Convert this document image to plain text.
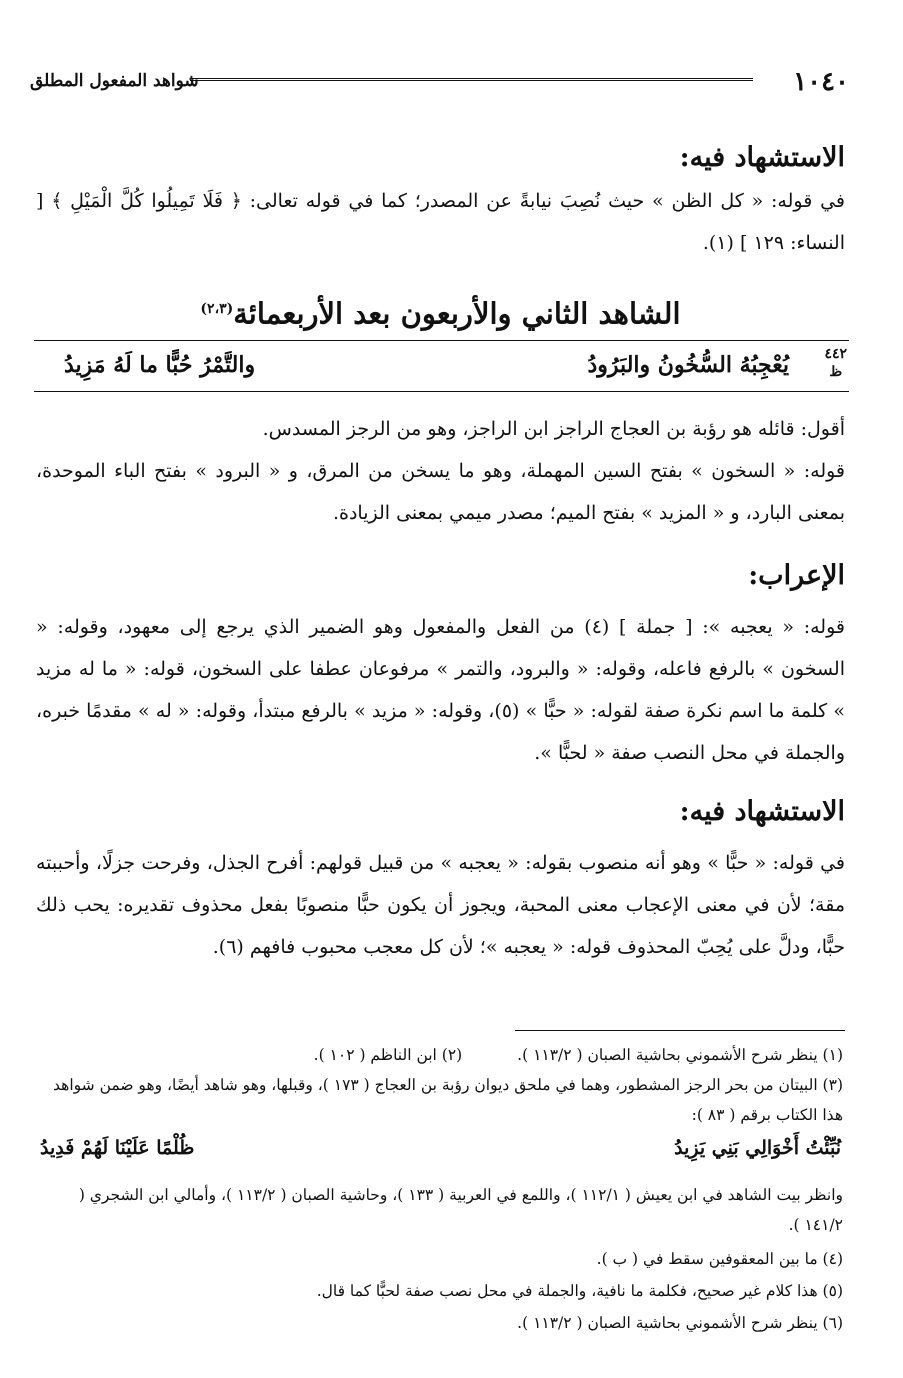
١٠٤٠
شواهد المفعول المطلق
الاستشهاد فيه:
في قوله: « كل الظن » حيث نُصِبَ نيابةً عن المصدر؛ كما في قوله تعالى: ﴿ فَلَا تَمِيلُوا كُلَّ الْمَيْلِ ﴾ [ النساء: ١٢٩ ] (١).
الشاهد الثاني والأربعون بعد الأربعمائة$^{(٢،٣)}$
٤٤٢
ظ
يُعْجِبُهُ السُّخُونُ والبَرُودُ
والتَّمْرُ حُبًّا ما لَهُ مَزِيدُ
أقول: قائله هو رؤبة بن العجاج الراجز ابن الراجز، وهو من الرجز المسدس.
قوله: « السخون » بفتح السين المهملة، وهو ما يسخن من المرق، و « البرود » بفتح الباء الموحدة، بمعنى البارد، و « المزيد » بفتح الميم؛ مصدر ميمي بمعنى الزيادة.
الإعراب:
قوله: « يعجبه »: [ جملة ] (٤) من الفعل والمفعول وهو الضمير الذي يرجع إلى معهود، وقوله: « السخون » بالرفع فاعله، وقوله: « والبرود، والتمر » مرفوعان عطفا على السخون، قوله: « ما له مزيد » كلمة ما اسم نكرة صفة لقوله: « حبًّا » (٥)، وقوله: « مزيد » بالرفع مبتدأ، وقوله: « له » مقدمًا خبره، والجملة في محل النصب صفة « لحبًّا ».
الاستشهاد فيه:
في قوله: « حبًّا » وهو أنه منصوب بقوله: « يعجبه » من قبيل قولهم: أفرح الجذل، وفرحت جزلًا، وأحببته مقة؛ لأن في معنى الإعجاب معنى المحبة، ويجوز أن يكون حبًّا منصوبًا بفعل محذوف تقديره: يحب ذلك حبًّا، ودلَّ على يُحِبّ المحذوف قوله: « يعجبه »؛ لأن كل معجب محبوب فافهم (٦).
(١) ينظر شرح الأشموني بحاشية الصبان ( ١١٣/٢ ). (٢) ابن الناظم ( ١٠٢ ).
(٣) البيتان من بحر الرجز المشطور، وهما في ملحق ديوان رؤبة بن العجاج ( ١٧٣ )، وقبلها، وهو شاهد أيضًا، وهو ضمن شواهد هذا الكتاب برقم ( ٨٣ ):
نُبِّئْتُ أَخْوَالِي بَنِي يَزِيدُ
ظُلْمًا عَلَيْنَا لَهُمْ فَدِيدُ
وانظر بيت الشاهد في ابن يعيش ( ١١٢/١ )، واللمع في العربية ( ١٣٣ )، وحاشية الصبان ( ١١٣/٢ )، وأمالي ابن الشجري ( ١٤١/٢ ).
(٤) ما بين المعقوفين سقط في ( ب ).
(٥) هذا كلام غير صحيح، فكلمة ما نافية، والجملة في محل نصب صفة لحبًّا كما قال.
(٦) ينظر شرح الأشموني بحاشية الصبان ( ١١٣/٢ ).
